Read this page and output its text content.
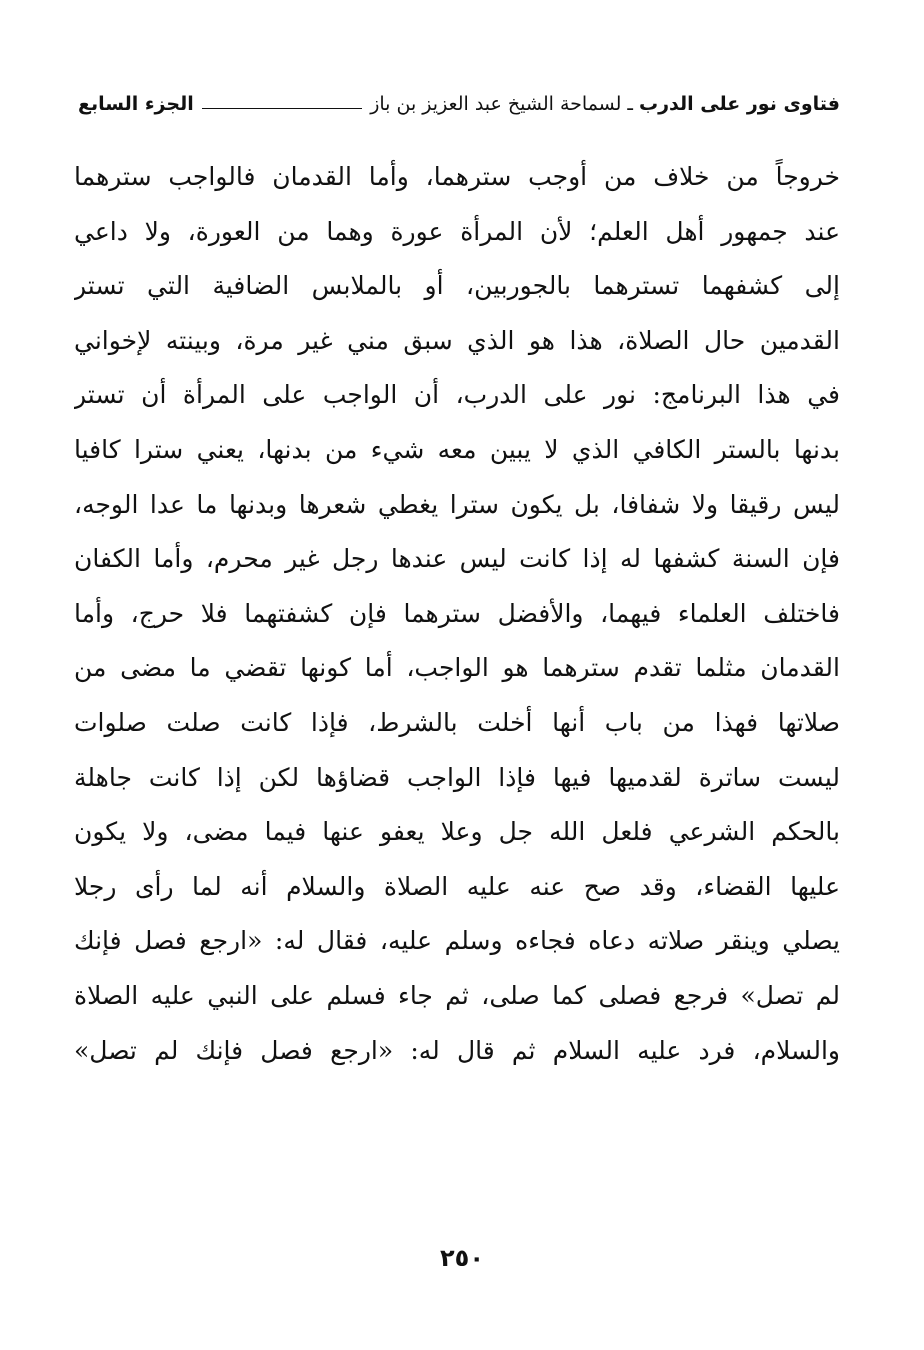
فتاوى نور على الدرب
ـ
لسماحة الشيخ عبد العزيز بن باز
الجزء السابع
خروجاً من خلاف من أوجب سترهما، وأما القدمان فالواجب سترهما
عند جمهور أهل العلم؛ لأن المرأة عورة وهما من العورة، ولا داعي
إلى كشفهما تسترهما بالجوربين، أو بالملابس الضافية التي تستر
القدمين حال الصلاة، هذا هو الذي سبق مني غير مرة، وبينته لإخواني
في هذا البرنامج: نور على الدرب، أن الواجب على المرأة أن تستر
بدنها بالستر الكافي الذي لا يبين معه شيء من بدنها، يعني سترا كافيا
ليس رقيقا ولا شفافا، بل يكون سترا يغطي شعرها وبدنها ما عدا الوجه،
فإن السنة كشفها له إذا كانت ليس عندها رجل غير محرم، وأما الكفان
فاختلف العلماء فيهما، والأفضل سترهما فإن كشفتهما فلا حرج، وأما
القدمان مثلما تقدم سترهما هو الواجب، أما كونها تقضي ما مضى من
صلاتها فهذا من باب أنها أخلت بالشرط، فإذا كانت صلت صلوات
ليست ساترة لقدميها فيها فإذا الواجب قضاؤها لكن إذا كانت جاهلة
بالحكم الشرعي فلعل الله جل وعلا يعفو عنها فيما مضى، ولا يكون
عليها القضاء، وقد صح عنه عليه الصلاة والسلام أنه لما رأى رجلا
يصلي وينقر صلاته دعاه فجاءه وسلم عليه، فقال له: «ارجع فصل فإنك
لم تصل» فرجع فصلى كما صلى، ثم جاء فسلم على النبي عليه الصلاة
والسلام، فرد عليه السلام ثم قال له: «ارجع فصل فإنك لم تصل»
٢٥٠
